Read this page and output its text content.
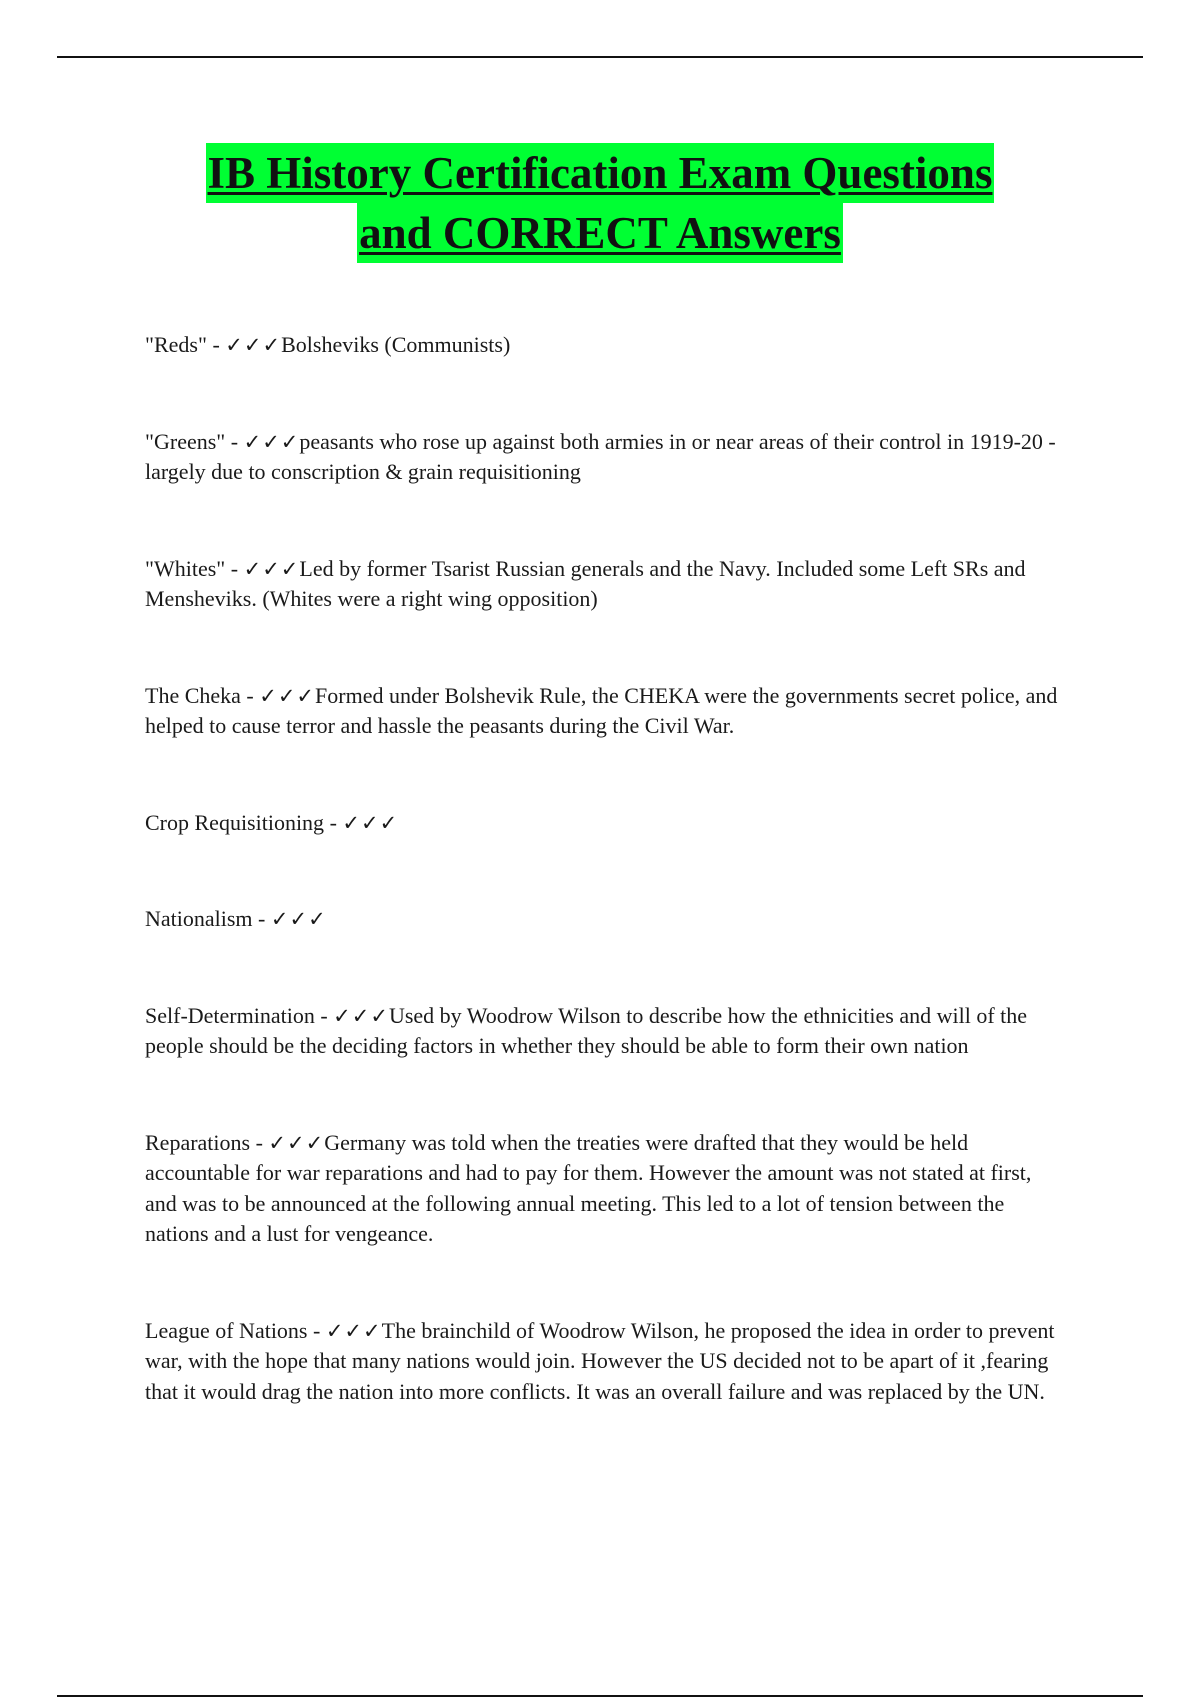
IB History Certification Exam Questions
and CORRECT Answers
"Reds" - ✓✓✓Bolsheviks (Communists)
"Greens" - ✓✓✓peasants who rose up against both armies in or near areas of their control in 1919-20 -largely due to conscription & grain requisitioning
"Whites" - ✓✓✓Led by former Tsarist Russian generals and the Navy. Included some Left SRs and Mensheviks. (Whites were a right wing opposition)
The Cheka - ✓✓✓Formed under Bolshevik Rule, the CHEKA were the governments secret police, and helped to cause terror and hassle the peasants during the Civil War.
Crop Requisitioning - ✓✓✓
Nationalism - ✓✓✓
Self-Determination - ✓✓✓Used by Woodrow Wilson to describe how the ethnicities and will of the people should be the deciding factors in whether they should be able to form their own nation
Reparations - ✓✓✓Germany was told when the treaties were drafted that they would be held accountable for war reparations and had to pay for them. However the amount was not stated at first, and was to be announced at the following annual meeting. This led to a lot of tension between the nations and a lust for vengeance.
League of Nations - ✓✓✓The brainchild of Woodrow Wilson, he proposed the idea in order to prevent war, with the hope that many nations would join. However the US decided not to be apart of it ,fearing that it would drag the nation into more conflicts. It was an overall failure and was replaced by the UN.
